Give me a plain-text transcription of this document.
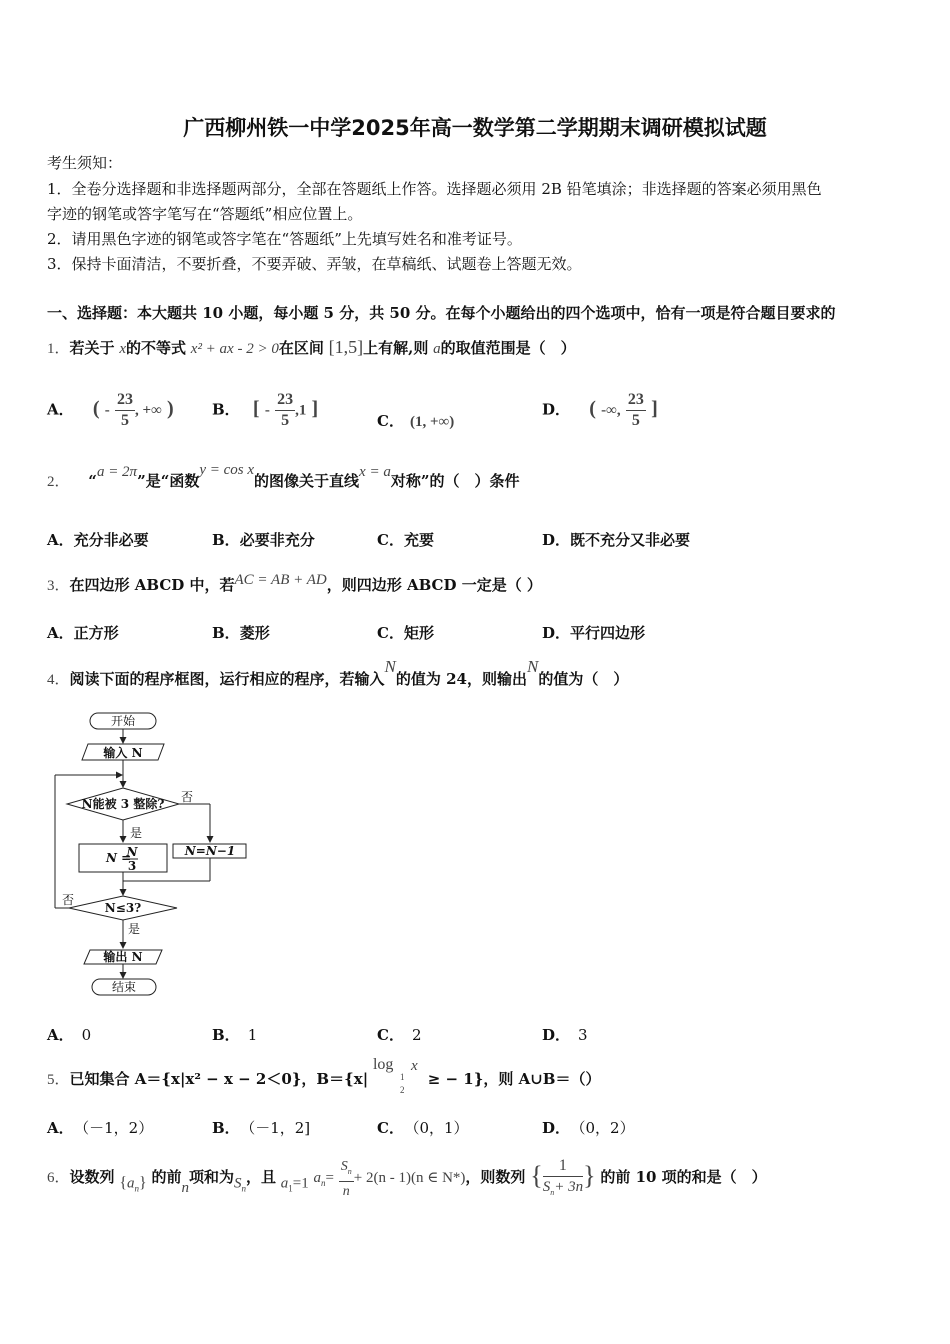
广西柳州铁一中学2025年高一数学第二学期期末调研模拟试题
考生须知：
1．全卷分选择题和非选择题两部分，全部在答题纸上作答。选择题必须用 2B 铅笔填涂；非选择题的答案必须用黑色
字迹的钢笔或答字笔写在“答题纸”相应位置上。
2．请用黑色字迹的钢笔或答字笔在“答题纸”上先填写姓名和准考证号。
3．保持卡面清洁，不要折叠，不要弄破、弄皱，在草稿纸、试题卷上答题无效。
一、选择题：本大题共 10 小题，每小题 5 分，共 50 分。在每个小题给出的四个选项中，恰有一项是符合题目要求的
1．若关于 x的不等式 x² + ax - 2 > 0在区间 [1,5]上有解,则 a的取值范围是（　）
A． ( - $\frac{23}{5}$ , +∞ )	B． [ - $\frac{23}{5} ,1$ ]
C． (1, +∞)
D． ( -∞, $\frac{23}{5}$ ]
2． “a = 2π”是“函数y = cos x的图像关于直线x = a对称”的（　）条件
A．充分非必要	B．必要非充分	C．充要	D．既不充分又非必要
3．在四边形 ABCD 中，若AC = AB + AD，则四边形 ABCD 一定是（ ）
A．正方形	B．菱形	C．矩形	D．平行四边形
4．阅读下面的程序框图，运行相应的程序，若输入N的值为 24，则输出N的值为（　）
开始
输入 N
N能被 3 整除?
是
否
N =
N
3
N=N−1
N≤3?
否
是
输出 N
结束
A． 0	B． 1	C． 2	D． 3
5．已知集合 A＝{x|x² − x − 2＜0}，B＝{x|
log
1
2
x
≥ − 1}，则 A∪B＝（）
A． （－1，2）	B． （－1，2]	C． （0，1）	D． （0，2）
6．设数列 $\{a_n\}$ 的前n项和为$S_n$，且 $a_1=1$ $a_n= \frac{S_n}{n} + 2(n - 1)(n$ ∈ N*)，则数列 { $\frac{1}{S_n+ 3n}$ } 的前 10 项的和是（　）
